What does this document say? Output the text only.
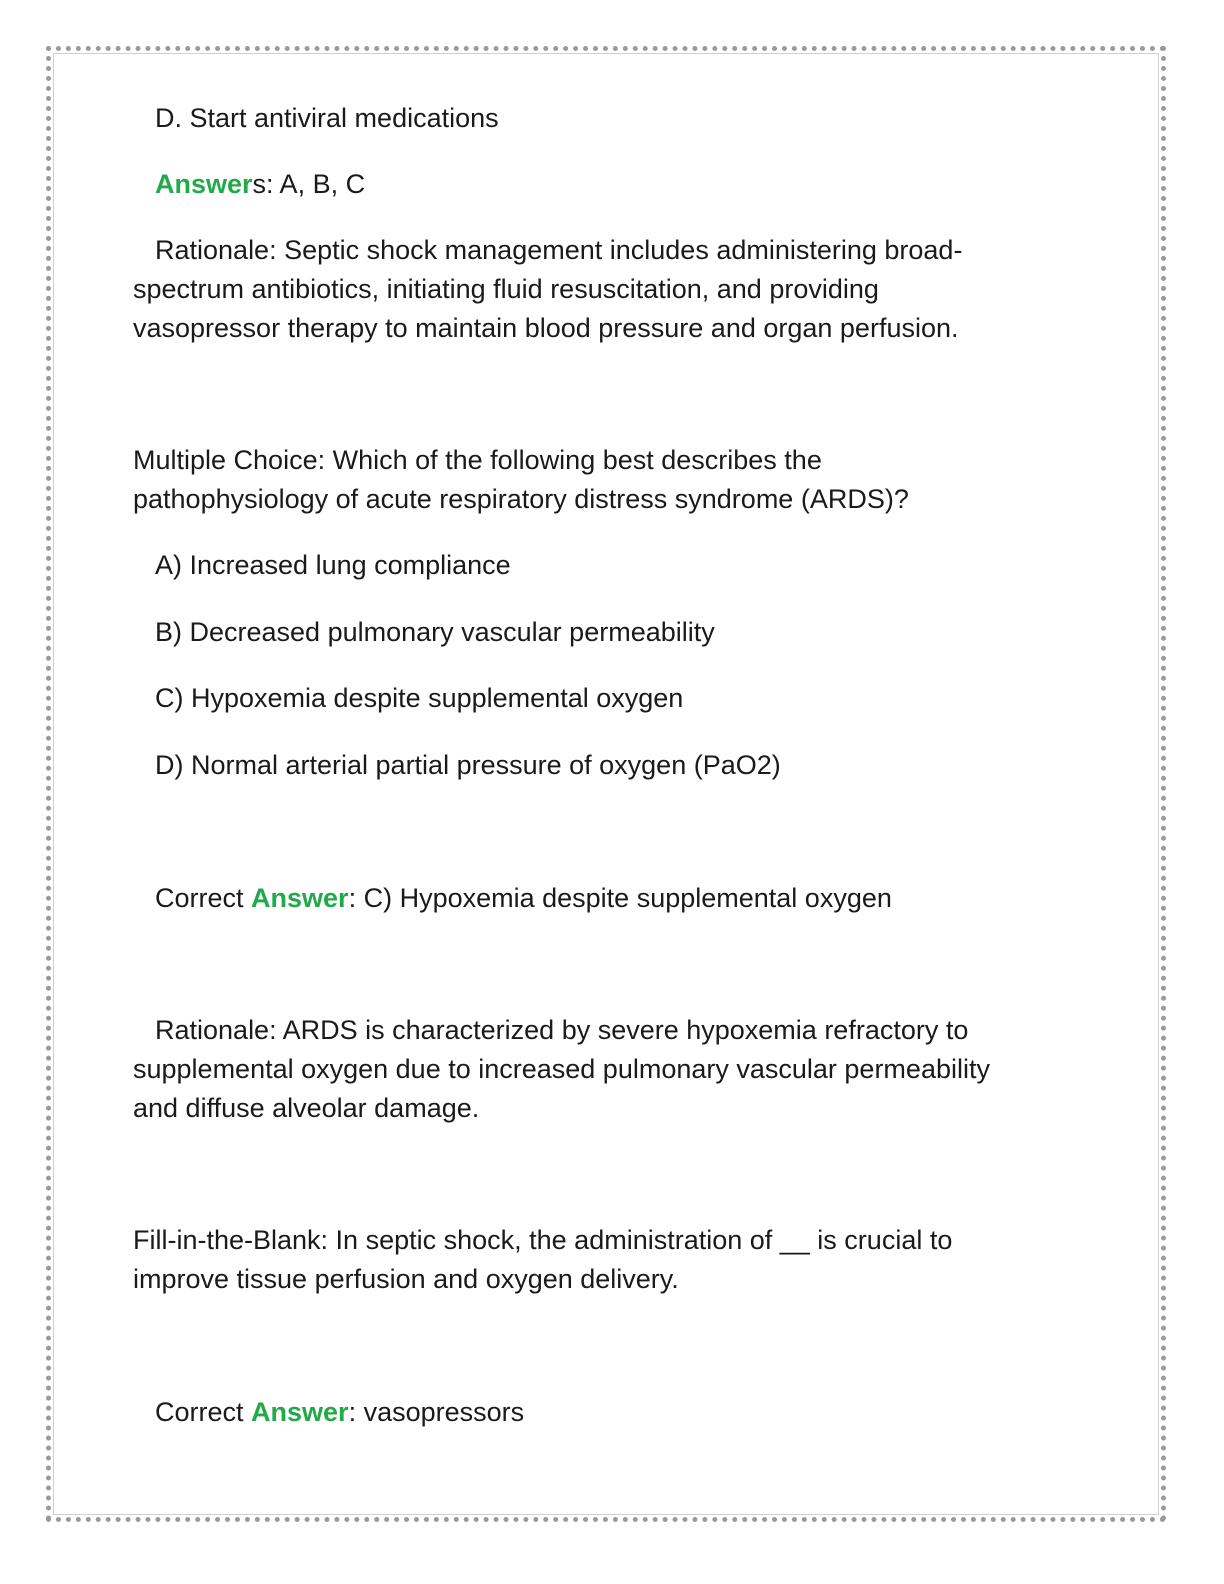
D. Start antiviral medications

Answers: A, B, C

Rationale: Septic shock management includes administering broad-

spectrum antibiotics, initiating fluid resuscitation, and providing

vasopressor therapy to maintain blood pressure and organ perfusion.

Multiple Choice: Which of the following best describes the

pathophysiology of acute respiratory distress syndrome (ARDS)?

A) Increased lung compliance

B) Decreased pulmonary vascular permeability

C) Hypoxemia despite supplemental oxygen

D) Normal arterial partial pressure of oxygen (PaO2)

Correct Answer: C) Hypoxemia despite supplemental oxygen

Rationale: ARDS is characterized by severe hypoxemia refractory to

supplemental oxygen due to increased pulmonary vascular permeability

and diffuse alveolar damage.

Fill-in-the-Blank: In septic shock, the administration of __ is crucial to

improve tissue perfusion and oxygen delivery.

Correct Answer: vasopressors
